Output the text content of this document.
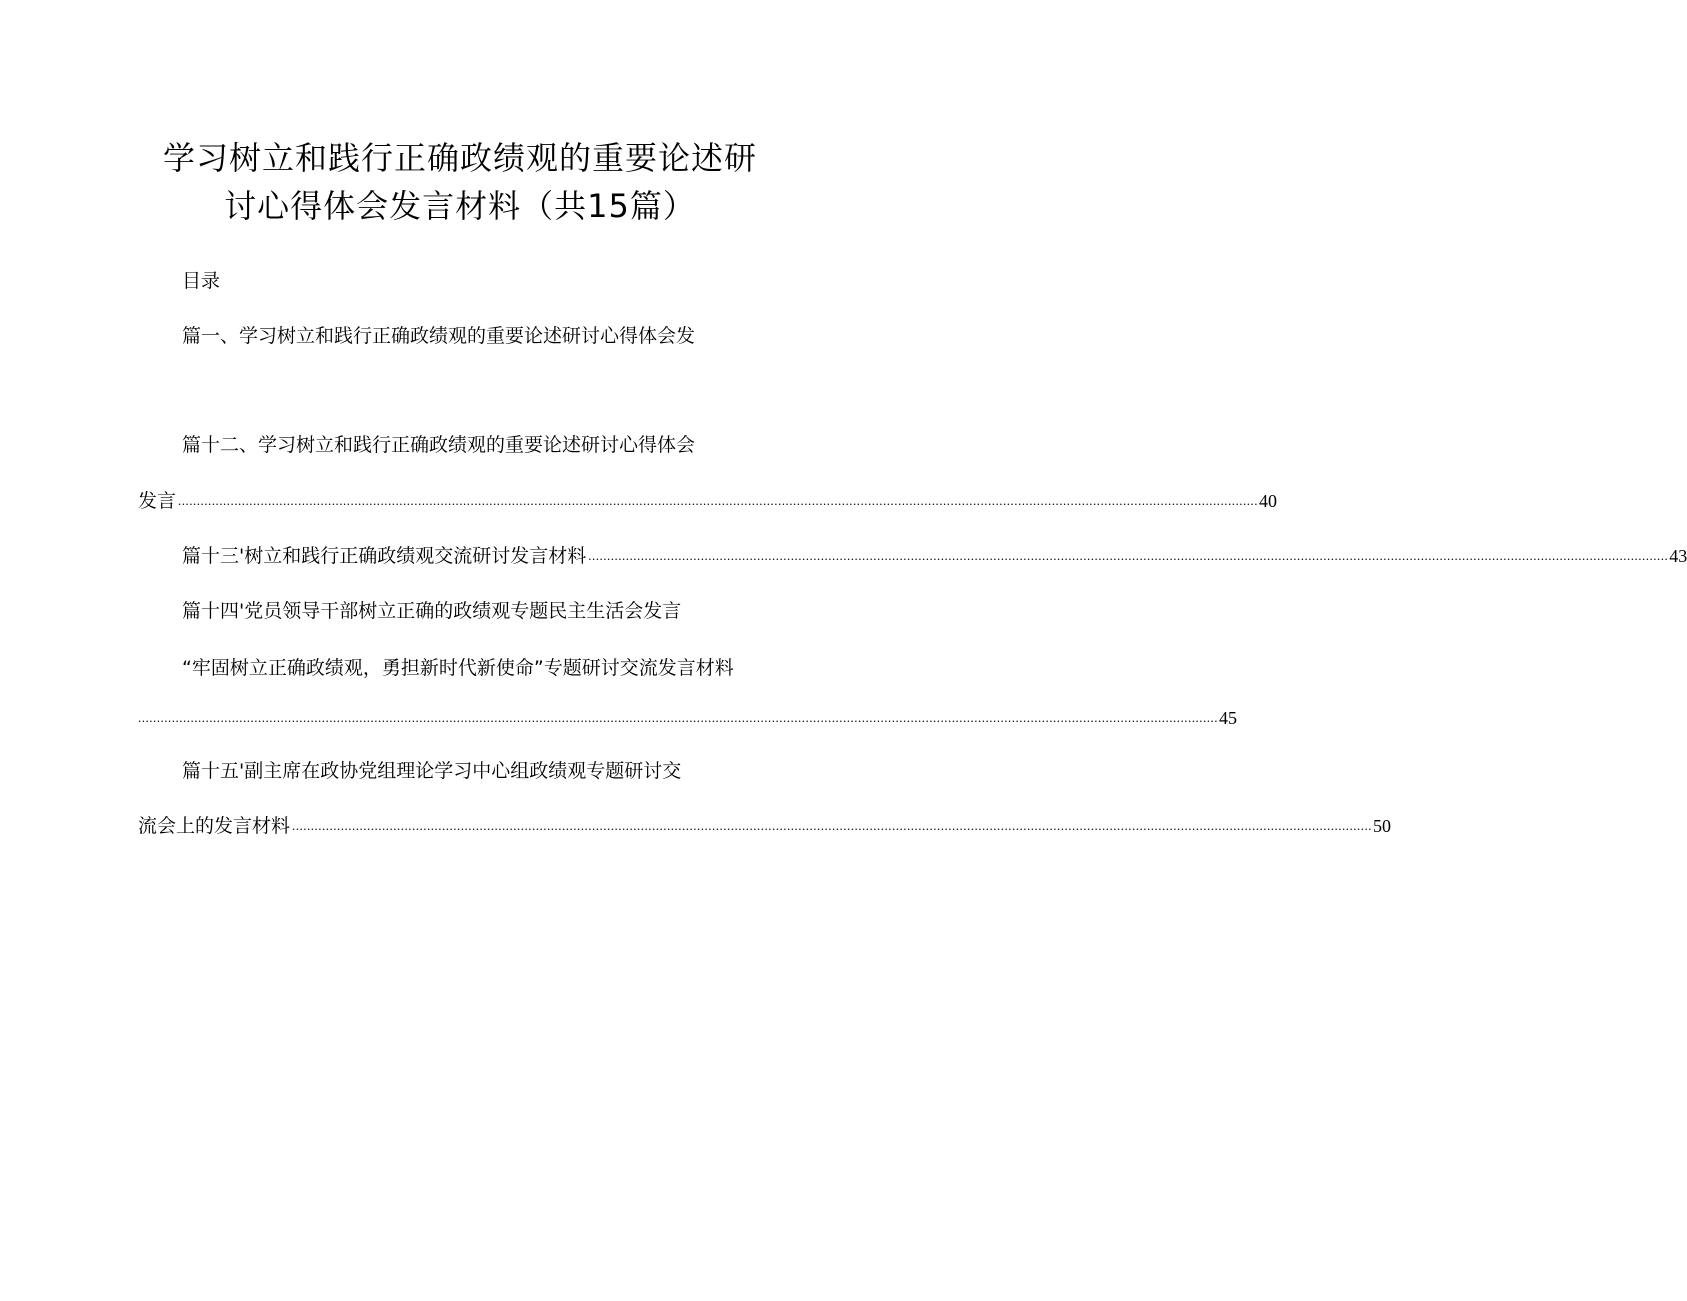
学习树立和践行正确政绩观的重要论述研
讨心得体会发言材料（共15篇）
目录
篇一、学习树立和践行正确政绩观的重要论述研讨心得体会发
篇十二、学习树立和践行正确政绩观的重要论述研讨心得体会
发言 ................................................................................................................................................................................................................................................................................................ 40
篇十三'树立和践行正确政绩观交流研讨发言材料 ................................................................................................................................................................................................................................................................................................ 43
篇十四'党员领导干部树立正确的政绩观专题民主生活会发言
“牢固树立正确政绩观，勇担新时代新使命”专题研讨交流发言材料
................................................................................................................................................................................................................................................................................................ 45
篇十五'副主席在政协党组理论学习中心组政绩观专题研讨交
流会上的发言材料 ................................................................................................................................................................................................................................................................................................ 50
